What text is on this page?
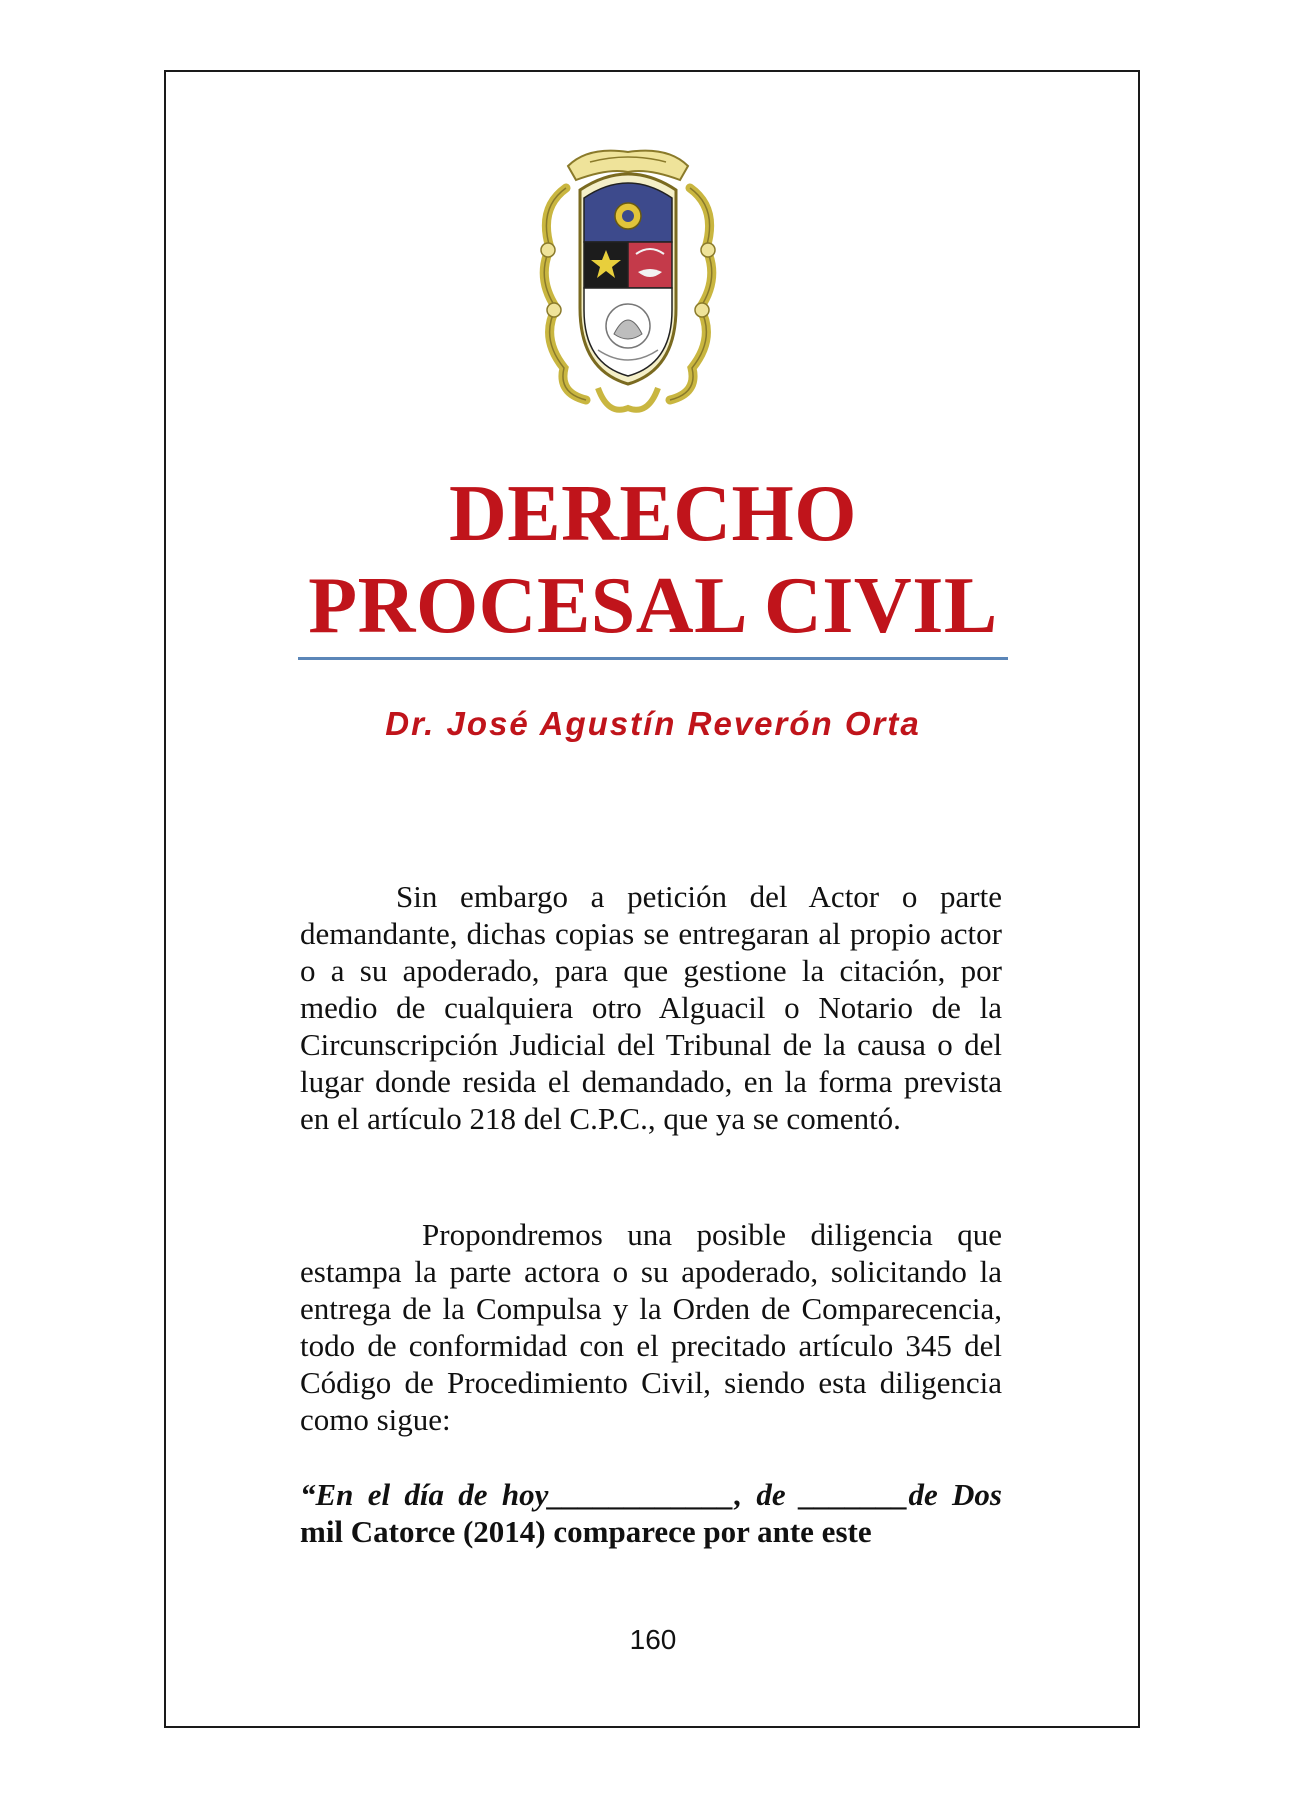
DERECHO
PROCESAL CIVIL
Dr. José Agustín Reverón Orta

Sin embargo a petición del Actor o parte demandante, dichas copias se entregaran al propio actor o a su apoderado, para que gestione la citación, por medio de cualquiera otro Alguacil o Notario de la Circunscripción Judicial del Tribunal de la causa o del lugar donde resida el demandado, en la forma prevista en el artículo 218 del C.P.C., que ya se comentó.

Propondremos una posible diligencia que estampa la parte actora o su apoderado, solicitando la entrega de la Compulsa y la Orden de Comparecencia, todo de conformidad con el precitado artículo 345 del Código de Procedimiento Civil, siendo esta diligencia como sigue:

“En el día de hoy____________, de _______de Dos mil Catorce (2014) comparece por ante este

160
